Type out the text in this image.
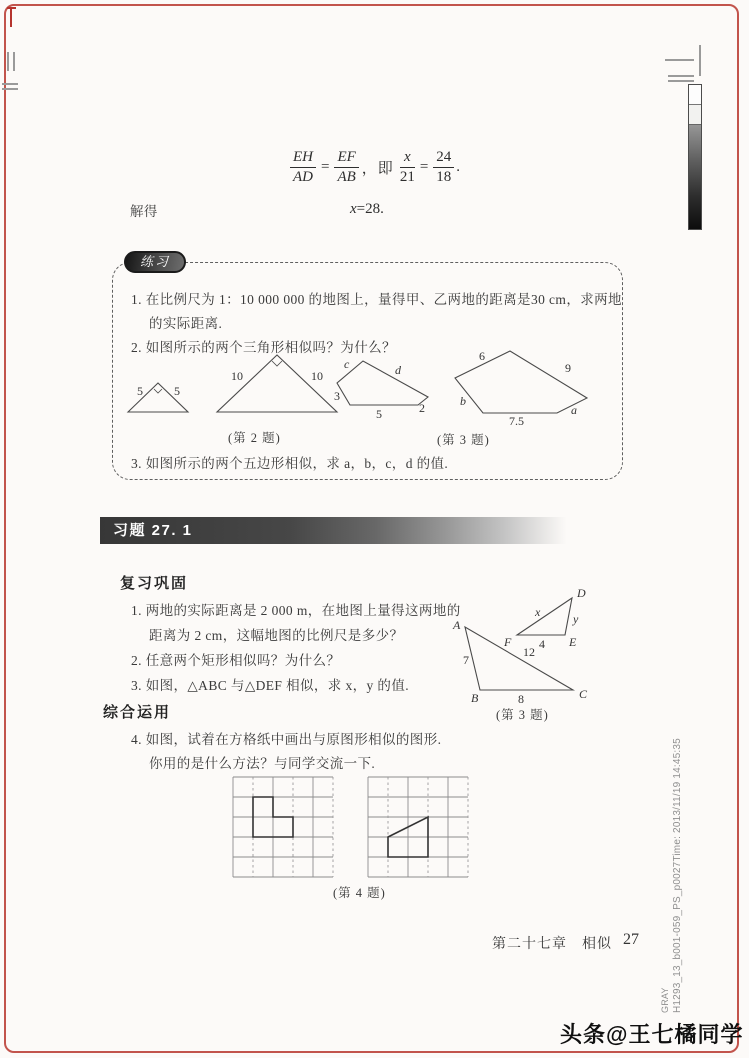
$\frac{EH}{AD} = \frac{EF}{AB}$ ，即 $\frac{x}{21} = \frac{24}{18}$ .
解得	x=28.
练习
1. 在比例尺为 1：10 000 000 的地图上，量得甲、乙两地的距离是30 cm，求两地
的实际距离.
2. 如图所示的两个三角形相似吗？为什么？
5	5
10	10
c	d
3
5	2
6
9
b
7.5
a
(第 2 题)	(第 3 题)
3. 如图所示的两个五边形相似，求 a，b，c，d 的值.
习题 27. 1
复习巩固
1. 两地的实际距离是 2 000 m，在地图上量得这两地的
距离为 2 cm，这幅地图的比例尺是多少？
2. 任意两个矩形相似吗？为什么？
3. 如图，△ABC 与△DEF 相似，求 x，y 的值.
A
B	C
D
E
F
7
12
8
x	y
4
(第 3 题)
综合运用
4. 如图，试着在方格纸中画出与原图形相似的图形.
你用的是什么方法？与同学交流一下.
(第 4 题)
第二十七章　相似 27	H1293_13_b001-059_PS_p0027Time: 2013/11/19 14:45:35
GRAY
头条@王七橘同学
